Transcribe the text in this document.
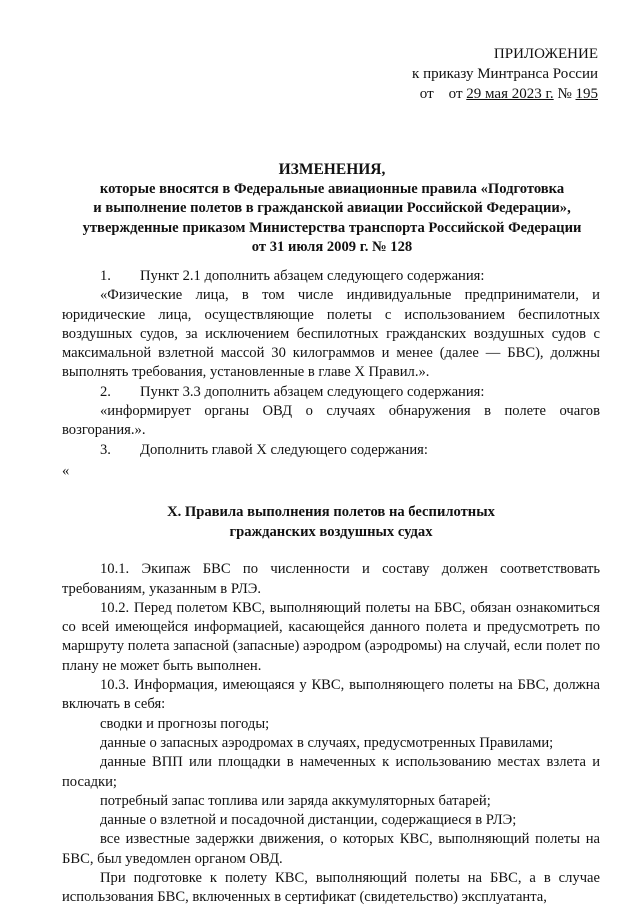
ПРИЛОЖЕНИЕ
к приказу Минтранса России
от от 29 мая 2023 г. № 195
ИЗМЕНЕНИЯ,
которые вносятся в Федеральные авиационные правила «Подготовка
и выполнение полетов в гражданской авиации Российской Федерации»,
утвержденные приказом Министерства транспорта Российской Федерации
от 31 июля 2009 г. № 128

1. Пункт 2.1 дополнить абзацем следующего содержания:

«Физические лица, в том числе индивидуальные предприниматели, и юридические лица, осуществляющие полеты с использованием беспилотных воздушных судов, за исключением беспилотных гражданских воздушных судов с максимальной взлетной массой 30 килограммов и менее (далее — БВС), должны выполнять требования, установленные в главе X Правил.».

2. Пункт 3.3 дополнить абзацем следующего содержания:

«информирует органы ОВД о случаях обнаружения в полете очагов возгорания.».

3. Дополнить главой X следующего содержания:

«

X. Правила выполнения полетов на беспилотных
гражданских воздушных судах

10.1. Экипаж БВС по численности и составу должен соответствовать требованиям, указанным в РЛЭ.

10.2. Перед полетом КВС, выполняющий полеты на БВС, обязан ознакомиться со всей имеющейся информацией, касающейся данного полета и предусмотреть по маршруту полета запасной (запасные) аэродром (аэродромы) на случай, если полет по плану не может быть выполнен.

10.3. Информация, имеющаяся у КВС, выполняющего полеты на БВС, должна включать в себя:

сводки и прогнозы погоды;

данные о запасных аэродромах в случаях, предусмотренных Правилами;

данные ВПП или площадки в намеченных к использованию местах взлета и посадки;

потребный запас топлива или заряда аккумуляторных батарей;

данные о взлетной и посадочной дистанции, содержащиеся в РЛЭ;

все известные задержки движения, о которых КВС, выполняющий полеты на БВС, был уведомлен органом ОВД.

При подготовке к полету КВС, выполняющий полеты на БВС, а в случае использования БВС, включенных в сертификат (свидетельство) эксплуатанта,
